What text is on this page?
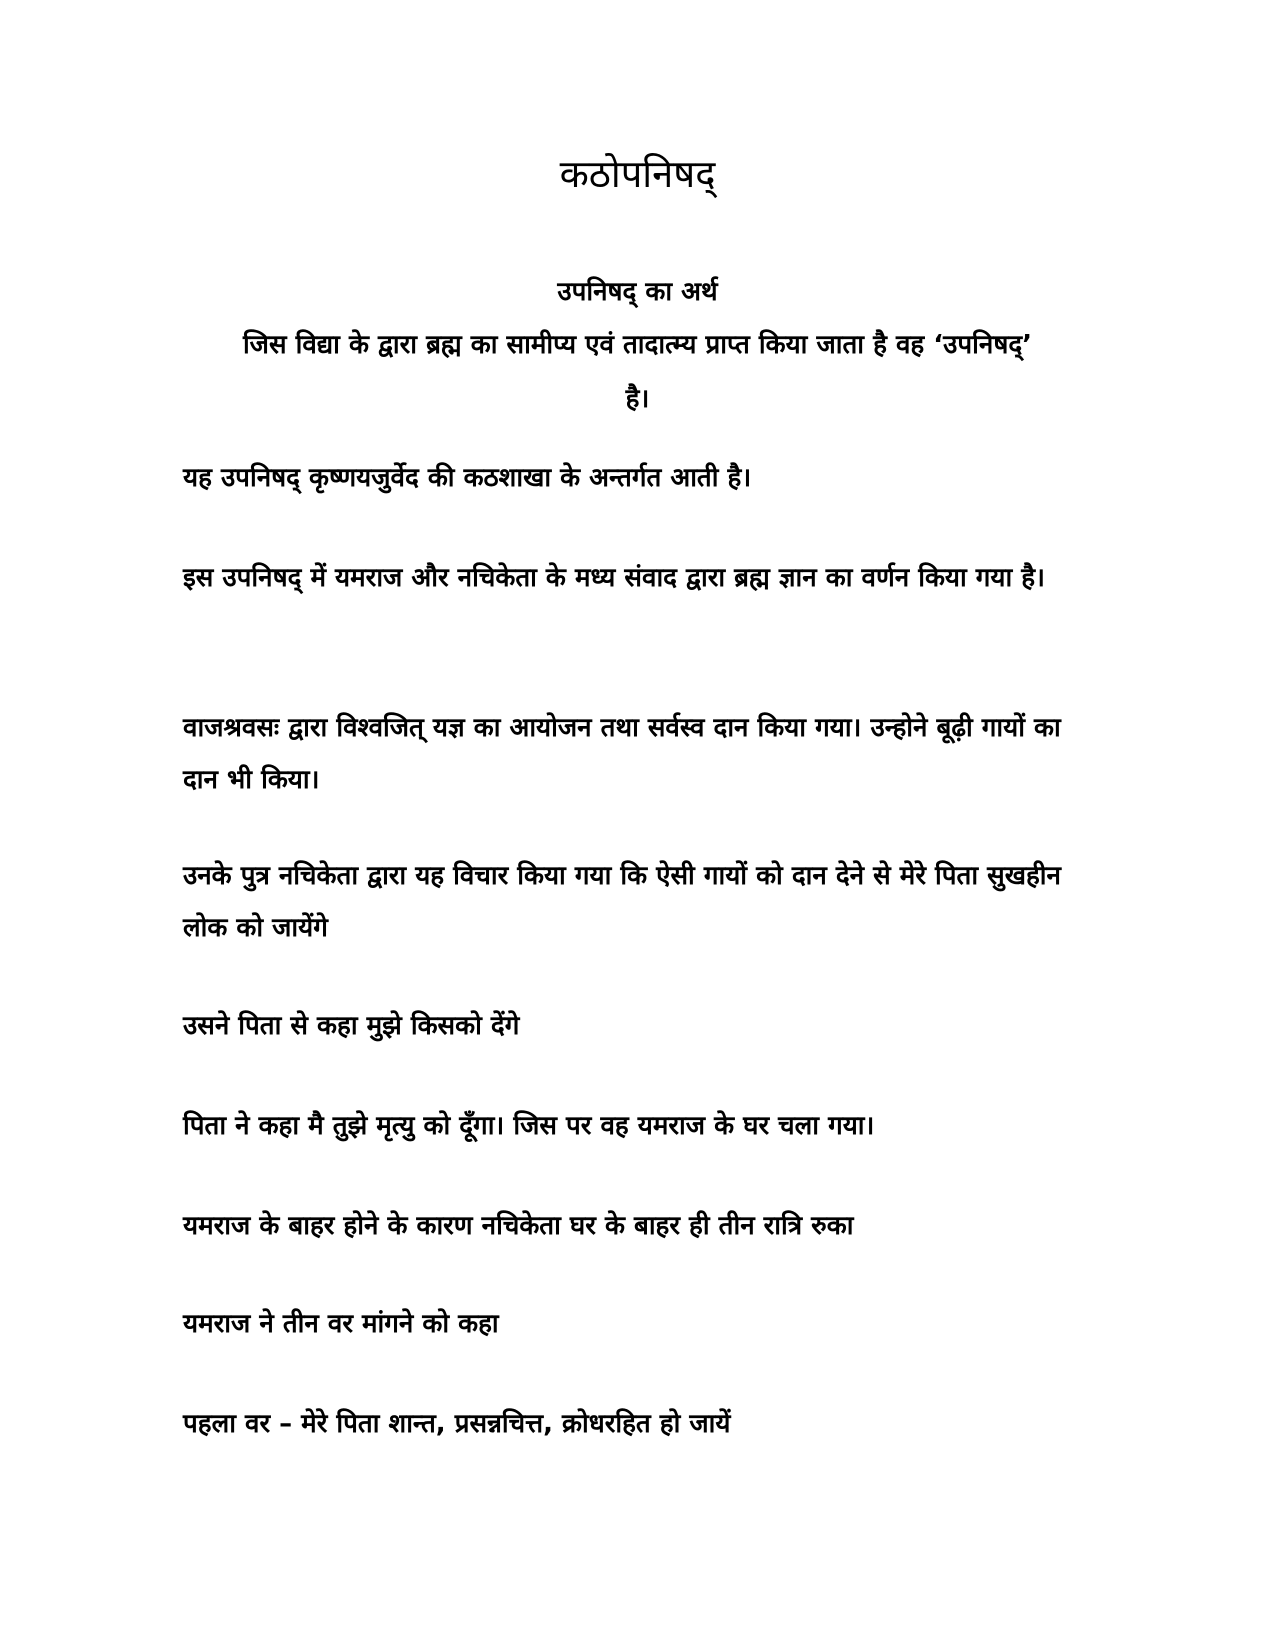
कठोपनिषद्
उपनिषद् का अर्थ

जिस विद्या के द्वारा ब्रह्म का सामीप्य एवं तादात्म्य प्राप्त किया जाता है वह ‘उपनिषद्’ है।

यह उपनिषद् कृष्णयजुर्वेद की कठशाखा के अन्तर्गत आती है।

इस उपनिषद् में यमराज और नचिकेता के मध्य संवाद द्वारा ब्रह्म ज्ञान का वर्णन किया गया है।

वाजश्रवसः द्वारा विश्वजित् यज्ञ का आयोजन तथा सर्वस्व दान किया गया। उन्होने बूढ़ी गायों का दान भी किया।

उनके पुत्र नचिकेता द्वारा यह विचार किया गया कि ऐसी गायों को दान देने से मेरे पिता सुखहीन लोक को जायेंगे

उसने पिता से कहा मुझे किसको देंगे

पिता ने कहा मै तुझे मृत्यु को दूँगा। जिस पर वह यमराज के घर चला गया।

यमराज के बाहर होने के कारण नचिकेता घर के बाहर ही तीन रात्रि रुका

यमराज ने तीन वर मांगने को कहा

पहला वर – मेरे पिता शान्त, प्रसन्नचित्त, क्रोधरहित हो जायें
